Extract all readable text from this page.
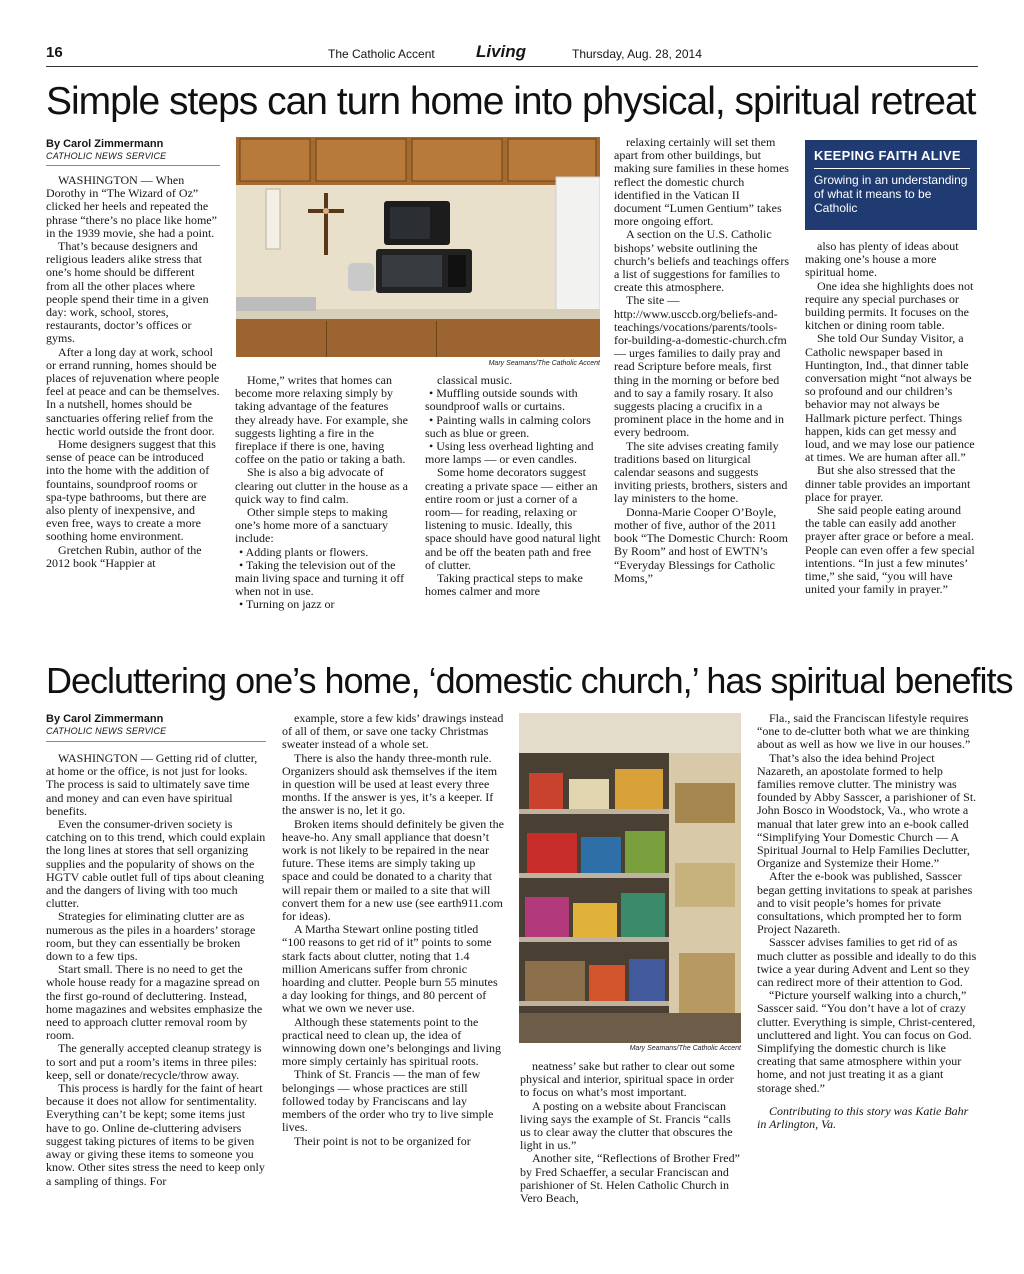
16	The Catholic Accent Living	Thursday, Aug. 28, 2014
Simple steps can turn home into physical, spiritual retreat
By Carol Zimmermann
CATHOLIC NEWS SERVICE

WASHINGTON — When Dorothy in “The Wizard of Oz” clicked her heels and repeated the phrase “there’s no place like home” in the 1939 movie, she had a point.

That’s because designers and religious leaders alike stress that one’s home should be different from all the other places where people spend their time in a given day: work, school, stores, restaurants, doctor’s offices or gyms.

After a long day at work, school or errand running, homes should be places of rejuvenation where people feel at peace and can be themselves. In a nutshell, homes should be sanctuaries offering relief from the hectic world outside the front door.

Home designers suggest that this sense of peace can be introduced into the home with the addition of fountains, soundproof rooms or spa-type bathrooms, but there are also plenty of inexpensive, and even free, ways to create a more soothing home environment.

Gretchen Rubin, author of the 2012 book “Happier at

Home,” writes that homes can become more relaxing simply by taking advantage of the features they already have. For example, she suggests lighting a fire in the fireplace if there is one, having coffee on the patio or taking a bath.

She is also a big advocate of clearing out clutter in the house as a quick way to find calm.

Other simple steps to making one’s home more of a sanctuary include:

• Adding plants or flowers.

• Taking the television out of the main living space and turning it off when not in use.

• Turning on jazz or

classical music.

• Muffling outside sounds with soundproof walls or curtains.

• Painting walls in calming colors such as blue or green.

• Using less overhead lighting and more lamps — or even candles.

Some home decorators suggest creating a private space — either an entire room or just a corner of a room— for reading, relaxing or listening to music. Ideally, this space should have good natural light and be off the beaten path and free of clutter.

Taking practical steps to make homes calmer and more

relaxing certainly will set them apart from other buildings, but making sure families in these homes reflect the domestic church identified in the Vatican II document “Lumen Gentium” takes more ongoing effort.

A section on the U.S. Catholic bishops’ website outlining the church’s beliefs and teachings offers a list of suggestions for families to create this atmosphere.

The site — http://www.usccb.org/beliefs-and-teachings/vocations/parents/tools-for-building-a-domestic-church.cfm — urges families to daily pray and read Scripture before meals, first thing in the morning or before bed and to say a family rosary. It also suggests placing a crucifix in a prominent place in the home and in every bedroom.

The site advises creating family traditions based on liturgical calendar seasons and suggests inviting priests, brothers, sisters and lay ministers to the home.

Donna-Marie Cooper O’Boyle, mother of five, author of the 2011 book “The Domestic Church: Room By Room” and host of EWTN’s “Everyday Blessings for Catholic Moms,”

also has plenty of ideas about making one’s house a more spiritual home.

One idea she highlights does not require any special purchases or building permits. It focuses on the kitchen or dining room table.

She told Our Sunday Visitor, a Catholic newspaper based in Huntington, Ind., that dinner table conversation might “not always be so profound and our children’s behavior may not always be Hallmark picture perfect. Things happen, kids can get messy and loud, and we may lose our patience at times. We are human after all.”

But she also stressed that the dinner table provides an important place for prayer.

She said people eating around the table can easily add another prayer after grace or before a meal. People can even offer a few special intentions. “In just a few minutes’ time,” she said, “you will have united your family in prayer.”

Mary Seamans/The Catholic Accent
KEEPING FAITH ALIVE
Growing in an understanding of what it means to be Catholic
Decluttering one’s home, ‘domestic church,’ has spiritual benefits
By Carol Zimmermann
CATHOLIC NEWS SERVICE

WASHINGTON — Getting rid of clutter, at home or the office, is not just for looks. The process is said to ultimately save time and money and can even have spiritual benefits.

Even the consumer-driven society is catching on to this trend, which could explain the long lines at stores that sell organizing supplies and the popularity of shows on the HGTV cable outlet full of tips about cleaning and the dangers of living with too much clutter.

Strategies for eliminating clutter are as numerous as the piles in a hoarders’ storage room, but they can essentially be broken down to a few tips.

Start small. There is no need to get the whole house ready for a magazine spread on the first go-round of decluttering. Instead, home magazines and websites emphasize the need to approach clutter removal room by room.

The generally accepted cleanup strategy is to sort and put a room’s items in three piles: keep, sell or donate/recycle/throw away.

This process is hardly for the faint of heart because it does not allow for sentimentality. Everything can’t be kept; some items just have to go. Online de-cluttering advisers suggest taking pictures of items to be given away or giving these items to someone you know. Other sites stress the need to keep only a sampling of things. For

example, store a few kids’ drawings instead of all of them, or save one tacky Christmas sweater instead of a whole set.

There is also the handy three-month rule. Organizers should ask themselves if the item in question will be used at least every three months. If the answer is yes, it’s a keeper. If the answer is no, let it go.

Broken items should definitely be given the heave-ho. Any small appliance that doesn’t work is not likely to be repaired in the near future. These items are simply taking up space and could be donated to a charity that will repair them or mailed to a site that will convert them for a new use (see earth911.com for ideas).

A Martha Stewart online posting titled “100 reasons to get rid of it” points to some stark facts about clutter, noting that 1.4 million Americans suffer from chronic hoarding and clutter. People burn 55 minutes a day looking for things, and 80 percent of what we own we never use.

Although these statements point to the practical need to clean up, the idea of winnowing down one’s belongings and living more simply certainly has spiritual roots.

Think of St. Francis — the man of few belongings — whose practices are still followed today by Franciscans and lay members of the order who try to live simple lives.

Their point is not to be organized for

neatness’ sake but rather to clear out some physical and interior, spiritual space in order to focus on what’s most important.

A posting on a website about Franciscan living says the example of St. Francis “calls us to clear away the clutter that obscures the light in us.”

Another site, “Reflections of Brother Fred” by Fred Schaeffer, a secular Franciscan and parishioner of St. Helen Catholic Church in Vero Beach,

Fla., said the Franciscan lifestyle requires “one to de-clutter both what we are thinking about as well as how we live in our houses.”

That’s also the idea behind Project Nazareth, an apostolate formed to help families remove clutter. The ministry was founded by Abby Sasscer, a parishioner of St. John Bosco in Woodstock, Va., who wrote a manual that later grew into an e-book called “Simplifying Your Domestic Church — A Spiritual Journal to Help Families Declutter, Organize and Systemize their Home.”

After the e-book was published, Sasscer began getting invitations to speak at parishes and to visit people’s homes for private consultations, which prompted her to form Project Nazareth.

Sasscer advises families to get rid of as much clutter as possible and ideally to do this twice a year during Advent and Lent so they can redirect more of their attention to God.

“Picture yourself walking into a church,” Sasscer said. “You don’t have a lot of crazy clutter. Everything is simple, Christ-centered, uncluttered and light. You can focus on God. Simplifying the domestic church is like creating that same atmosphere within your home, and not just treating it as a giant storage shed.”

Contributing to this story was Katie Bahr in Arlington, Va.

Mary Seamans/The Catholic Accent
